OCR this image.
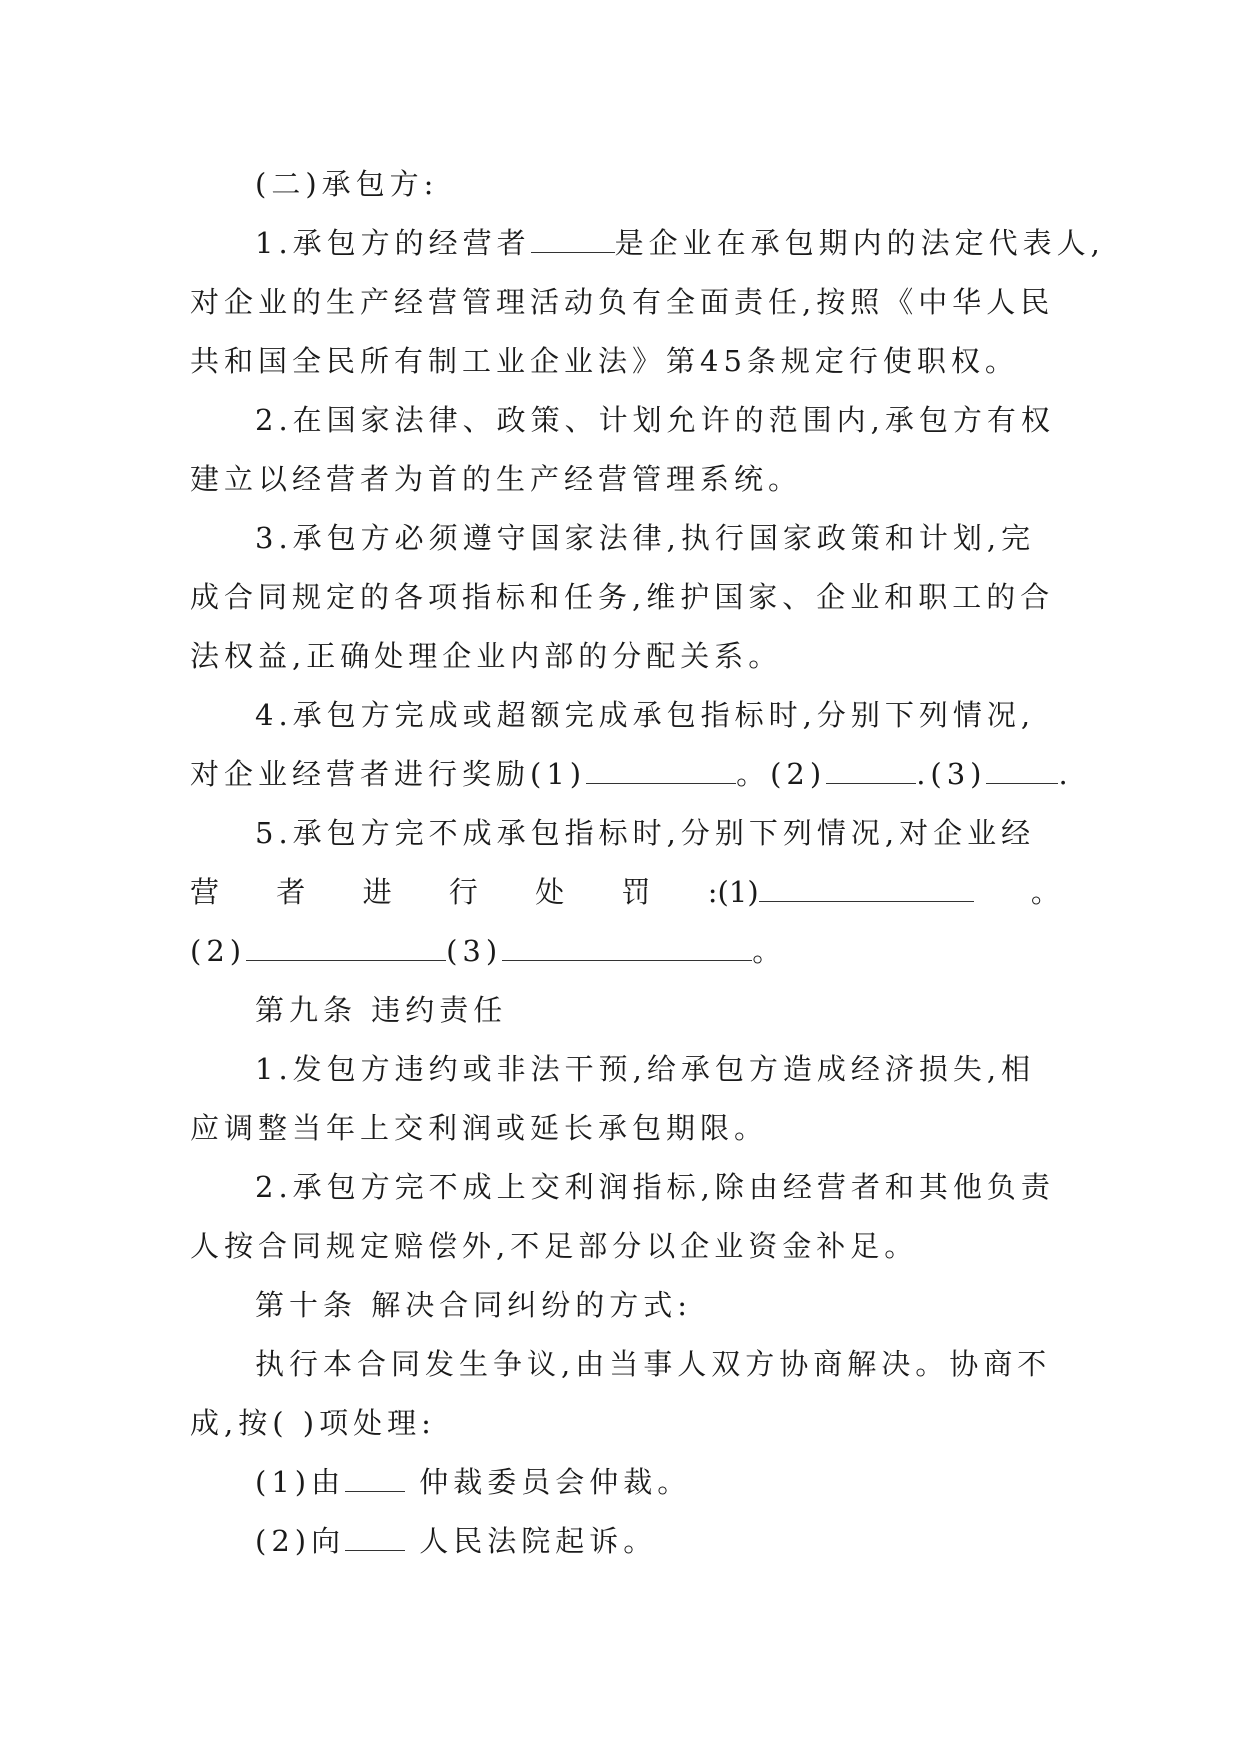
(二)承包方:

1.承包方的经营者	是企业在承包期内的法定代表人,

对企业的生产经营管理活动负有全面责任,按照《中华人民

共和国全民所有制工业企业法》第45条规定行使职权。

2.在国家法律、政策、计划允许的范围内,承包方有权

建立以经营者为首的生产经营管理系统。

3.承包方必须遵守国家法律,执行国家政策和计划,完

成合同规定的各项指标和任务,维护国家、企业和职工的合

法权益,正确处理企业内部的分配关系。

4.承包方完成或超额完成承包指标时,分别下列情况,

对企业经营者进行奖励(1)	。(2)	.(3) .

5.承包方完不成承包指标时,分别下列情况,对企业经

营 者 进 行 处 罚 :(1)	。

(2)	(3)	。

第九条 违约责任

1.发包方违约或非法干预,给承包方造成经济损失,相

应调整当年上交利润或延长承包期限。

2.承包方完不成上交利润指标,除由经营者和其他负责

人按合同规定赔偿外,不足部分以企业资金补足。

第十条 解决合同纠纷的方式:

执行本合同发生争议,由当事人双方协商解决。协商不

成,按( )项处理:

(1)由 仲裁委员会仲裁。

(2)向 人民法院起诉。
